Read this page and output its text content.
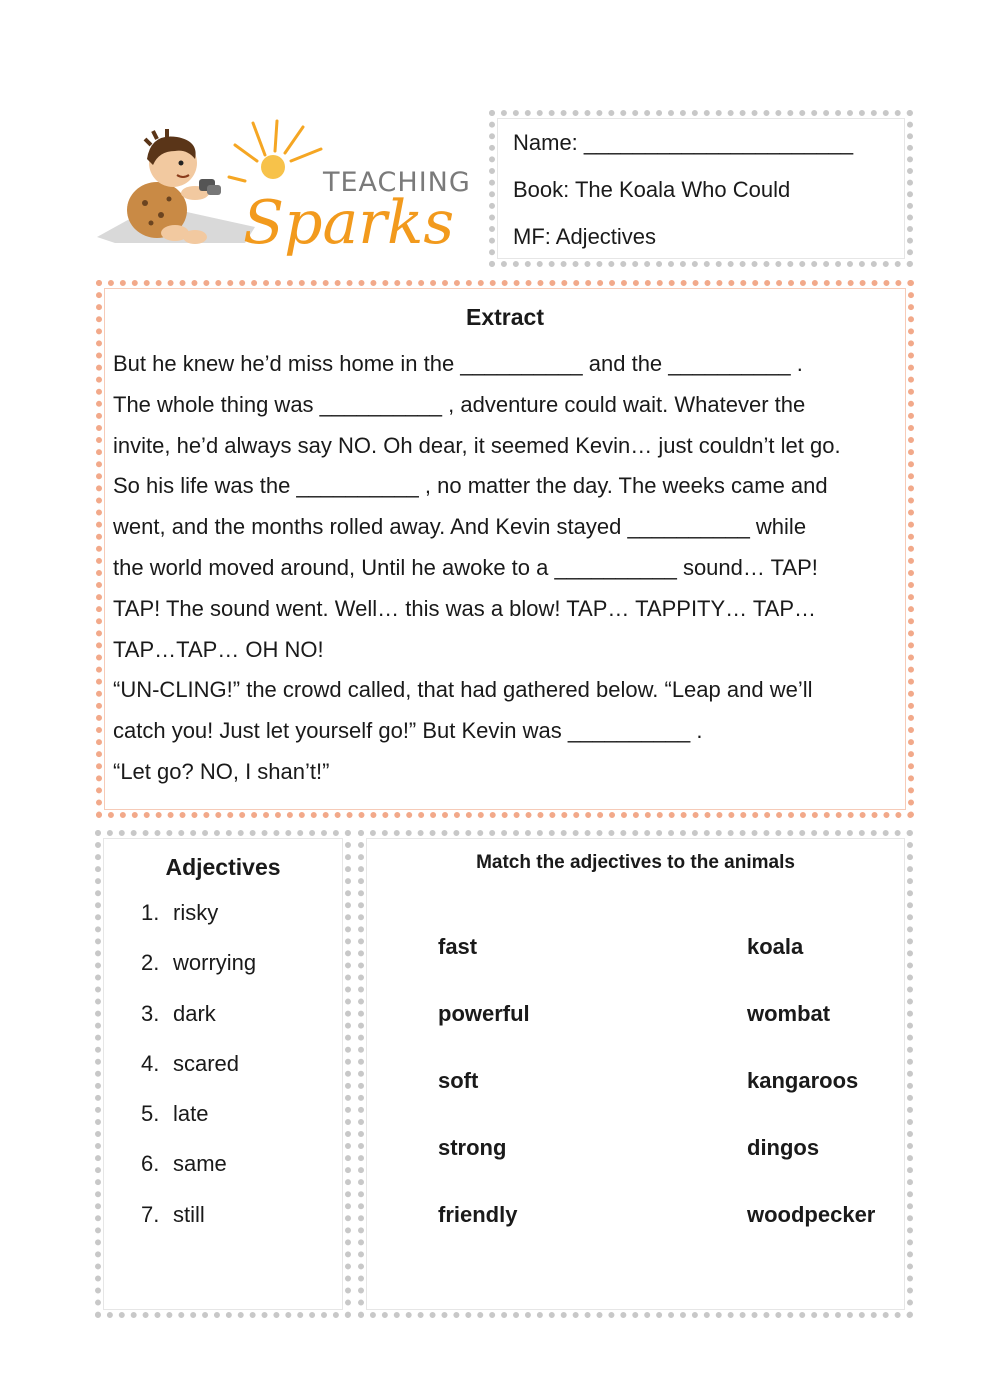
TEACHING
Sparks
Name: ______________________
Book: The Koala Who Could
MF: Adjectives
Extract

But he knew he’d miss home in the __________ and the __________ .

The whole thing was __________ , adventure could wait. Whatever the

invite, he’d always say NO. Oh dear, it seemed Kevin… just couldn’t let go.

So his life was the __________ , no matter the day. The weeks came and

went, and the months rolled away. And Kevin stayed __________ while

the world moved around, Until he awoke to a __________ sound… TAP!

TAP! The sound went. Well… this was a blow! TAP… TAPPITY… TAP…

TAP…TAP… OH NO!

“UN-CLING!” the crowd called, that had gathered below. “Leap and we’ll

catch you! Just let yourself go!” But Kevin was __________ .

“Let go? NO, I shan’t!”

Adjectives
1. risky
2. worrying
3. dark
4. scared
5. late
6. same
7. still
Match the adjectives to the animals
fast
powerful
soft
strong
friendly
koala
wombat
kangaroos
dingos
woodpecker
